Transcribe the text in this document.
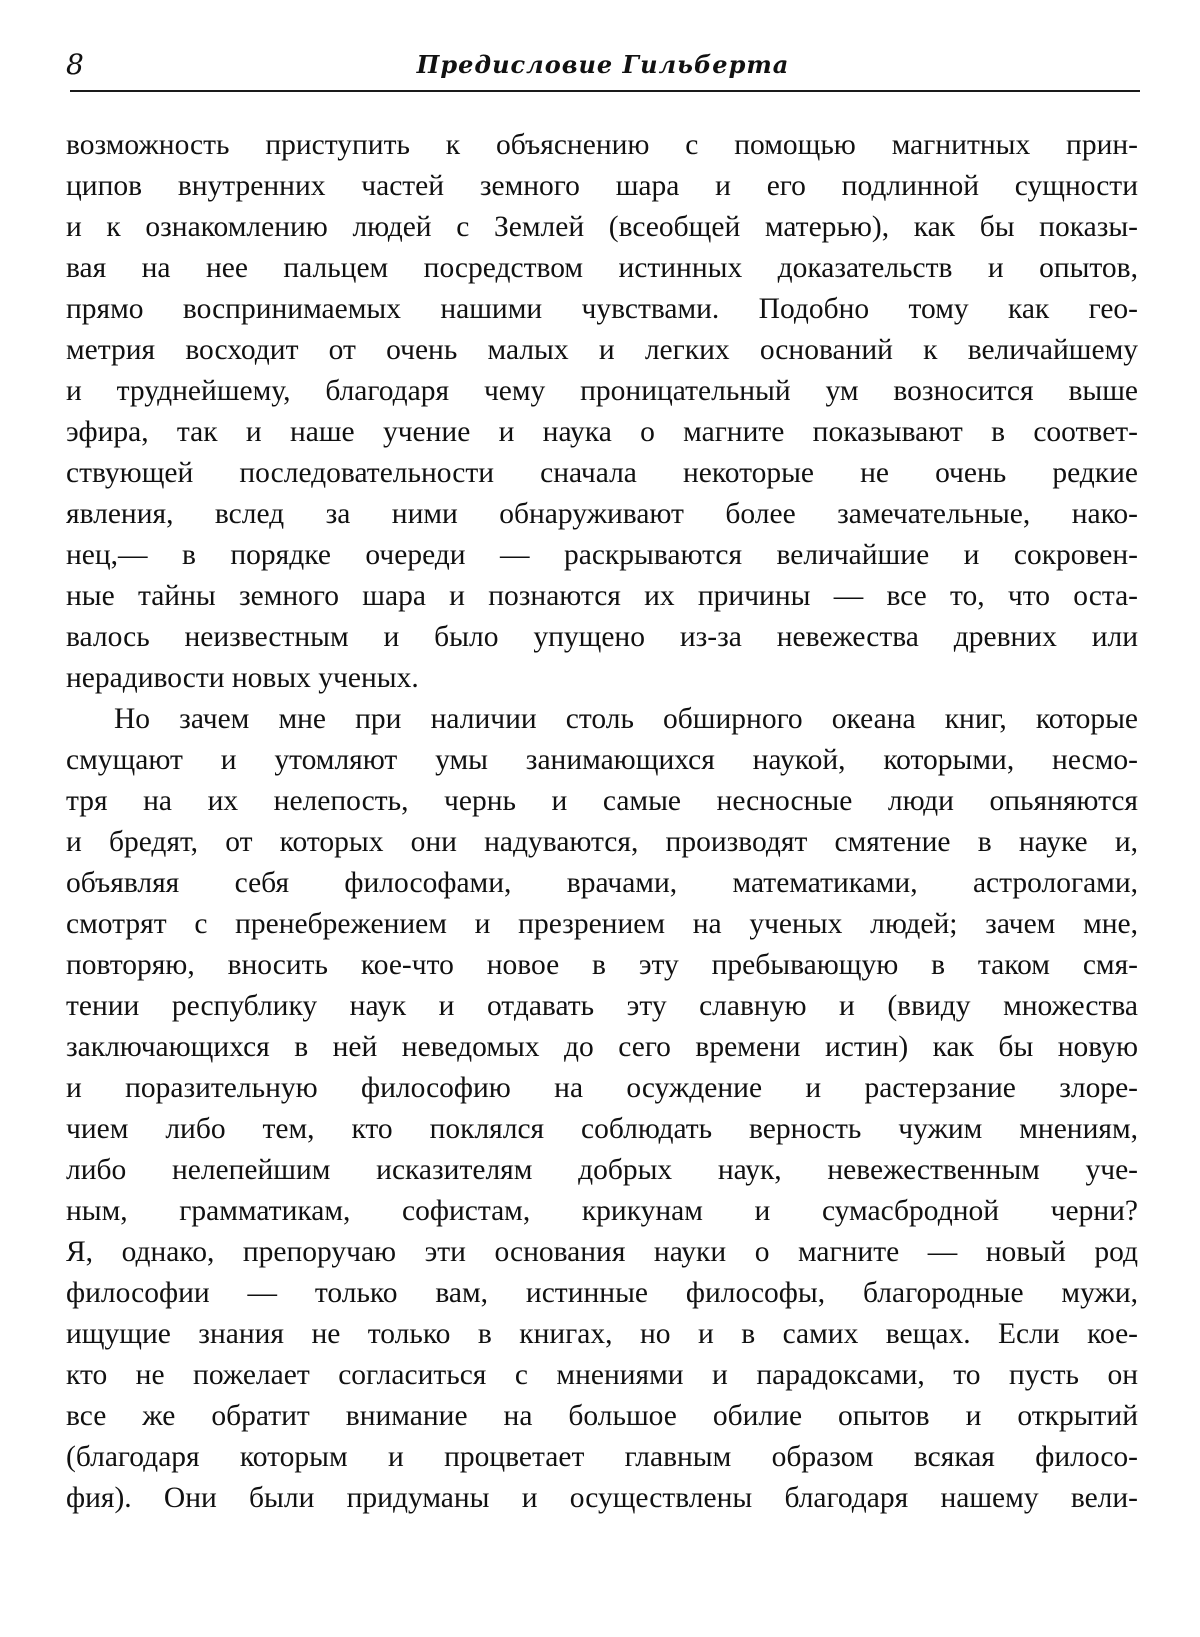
8	Предисловие Гильберта
возможность приступить к объяснению с помощью магнитных прин-
ципов внутренних частей земного шара и его подлинной сущности
и к ознакомлению людей с Землей (всеобщей матерью), как бы показы-
вая на нее пальцем посредством истинных доказательств и опытов,
прямо воспринимаемых нашими чувствами. Подобно тому как гео-
метрия восходит от очень малых и легких оснований к величайшему
и труднейшему, благодаря чему проницательный ум возносится выше
эфира, так и наше учение и наука о магните показывают в соответ-
ствующей последовательности сначала некоторые не очень редкие
явления, вслед за ними обнаруживают более замечательные, нако-
нец,— в порядке очереди — раскрываются величайшие и сокровен-
ные тайны земного шара и познаются их причины — все то, что оста-
валось неизвестным и было упущено из-за невежества древних или
нерадивости новых ученых.
Но зачем мне при наличии столь обширного океана книг, которые
смущают и утомляют умы занимающихся наукой, которыми, несмо-
тря на их нелепость, чернь и самые несносные люди опьяняются
и бредят, от которых они надуваются, производят смятение в науке и,
объявляя себя философами, врачами, математиками, астрологами,
смотрят с пренебрежением и презрением на ученых людей; зачем мне,
повторяю, вносить кое-что новое в эту пребывающую в таком смя-
тении республику наук и отдавать эту славную и (ввиду множества
заключающихся в ней неведомых до сего времени истин) как бы новую
и поразительную философию на осуждение и растерзание злоре-
чием либо тем, кто поклялся соблюдать верность чужим мнениям,
либо нелепейшим исказителям добрых наук, невежественным уче-
ным, грамматикам, софистам, крикунам и сумасбродной черни?
Я, однако, препоручаю эти основания науки о магните — новый род
философии — только вам, истинные философы, благородные мужи,
ищущие знания не только в книгах, но и в самих вещах. Если кое-
кто не пожелает согласиться с мнениями и парадоксами, то пусть он
все же обратит внимание на большое обилие опытов и открытий
(благодаря которым и процветает главным образом всякая филосо-
фия). Они были придуманы и осуществлены благодаря нашему вели-
